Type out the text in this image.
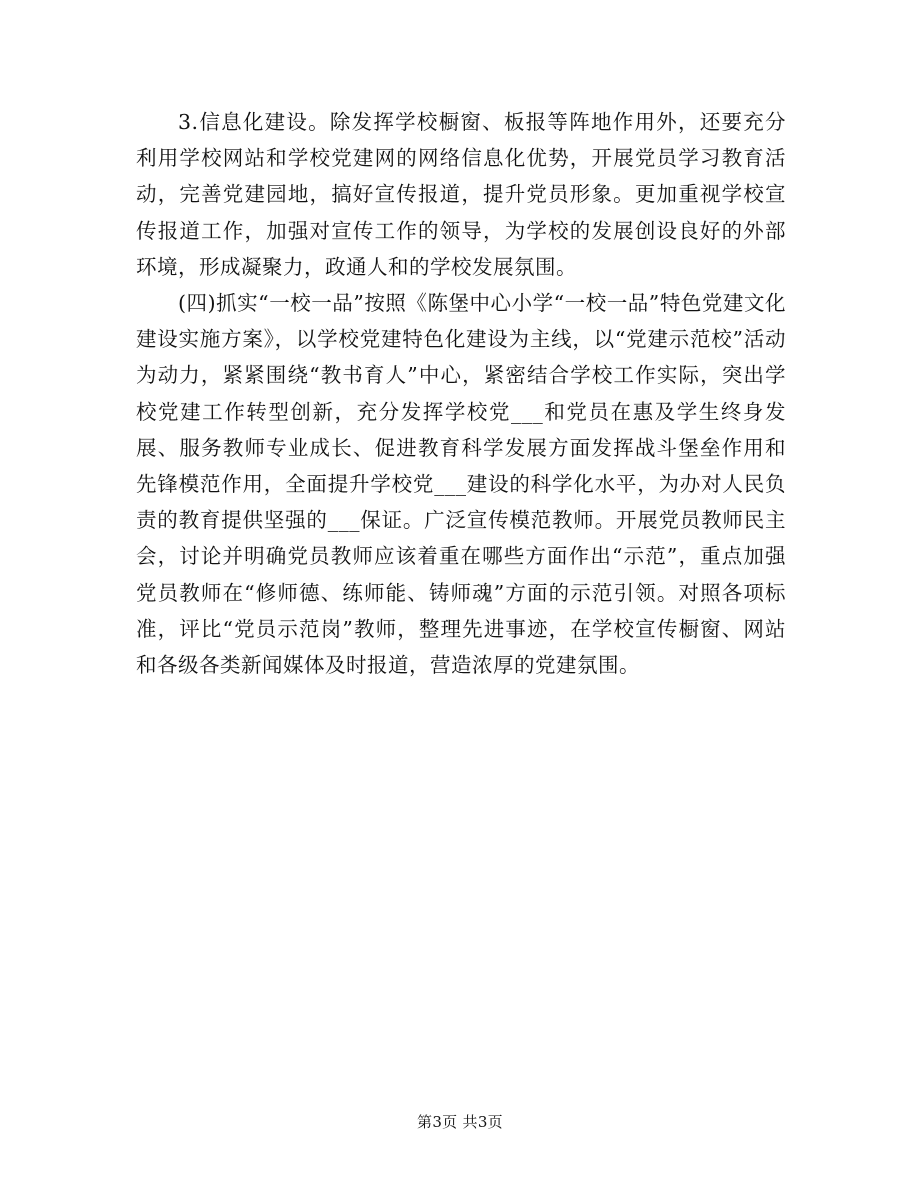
3.信息化建设。除发挥学校橱窗、板报等阵地作用外，还要充分利用学校网站和学校党建网的网络信息化优势，开展党员学习教育活动，完善党建园地，搞好宣传报道，提升党员形象。更加重视学校宣传报道工作，加强对宣传工作的领导，为学校的发展创设良好的外部环境，形成凝聚力，政通人和的学校发展氛围。

(四)抓实“一校一品”按照《陈堡中心小学“一校一品”特色党建文化建设实施方案》，以学校党建特色化建设为主线，以“党建示范校”活动为动力，紧紧围绕“教书育人”中心，紧密结合学校工作实际，突出学校党建工作转型创新，充分发挥学校党___和党员在惠及学生终身发展、服务教师专业成长、促进教育科学发展方面发挥战斗堡垒作用和先锋模范作用，全面提升学校党___建设的科学化水平，为办对人民负责的教育提供坚强的___保证。广泛宣传模范教师。开展党员教师民主会，讨论并明确党员教师应该着重在哪些方面作出“示范”，重点加强党员教师在“修师德、练师能、铸师魂”方面的示范引领。对照各项标准，评比“党员示范岗”教师，整理先进事迹，在学校宣传橱窗、网站和各级各类新闻媒体及时报道，营造浓厚的党建氛围。

第3页 共3页
